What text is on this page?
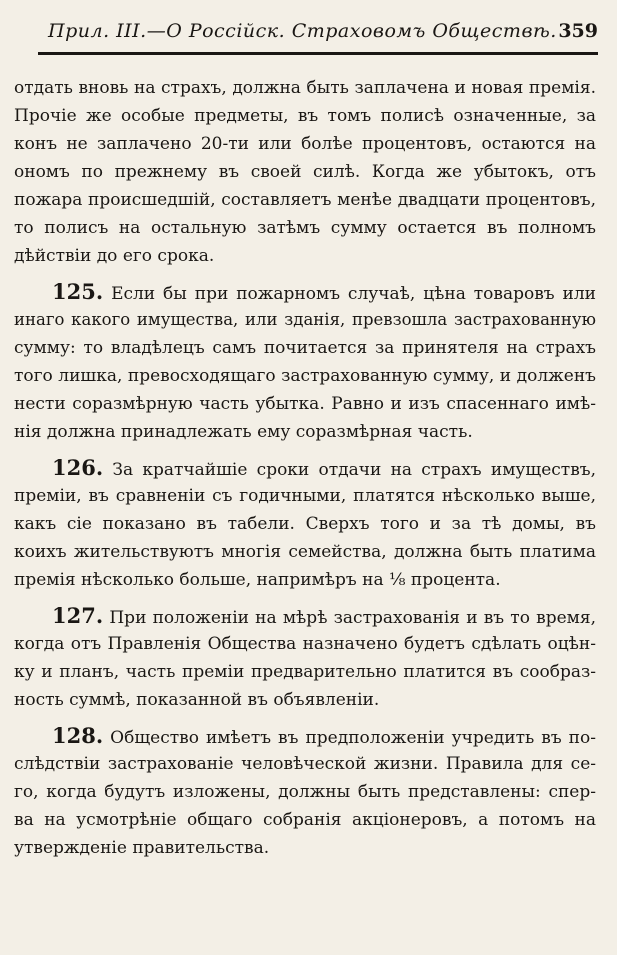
Прил. III.—О Россійск. Страховомъ Обществѣ. 359
отдать вновь на страхъ, должна быть заплачена и новая премія.
Прочіе же особые предметы, въ томъ полисѣ означенные, за
конъ не заплачено 20-ти или болѣе процентовъ, остаются на
ономъ по прежнему въ своей силѣ. Когда же убытокъ, отъ
пожара происшедшій, составляетъ менѣе двадцати процентовъ,
то полисъ на остальную затѣмъ сумму остается въ полномъ
дѣйствіи до его срока.
125. Если бы при пожарномъ случаѣ, цѣна товаровъ или
инаго какого имущества, или зданія, превзошла застрахованную
сумму: то владѣлецъ самъ почитается за принятеля на страхъ
того лишка, превосходящаго застрахованную сумму, и долженъ
нести соразмѣрную часть убытка. Равно и изъ спасеннаго имѣ-
нія должна принадлежать ему соразмѣрная часть.
126. За кратчайшіе сроки отдачи на страхъ имуществъ,
преміи, въ сравненіи съ годичными, платятся нѣсколько выше,
какъ сіе показано въ табели. Сверхъ того и за тѣ домы, въ
коихъ жительствуютъ многія семейства, должна быть платима
премія нѣсколько больше, напримѣръ на ⅛ процента.
127. При положеніи на мѣрѣ застрахованія и въ то время,
когда отъ Правленія Общества назначено будетъ сдѣлать оцѣн-
ку и планъ, часть преміи предварительно платится въ сообраз-
ность суммѣ, показанной въ объявленіи.
128. Общество имѣетъ въ предположеніи учредить въ по-
слѣдствіи застрахованіе человѣческой жизни. Правила для се-
го, когда будутъ изложены, должны быть представлены: спер-
ва на усмотрѣніе общаго собранія акціонеровъ, а потомъ на
утвержденіе правительства.
